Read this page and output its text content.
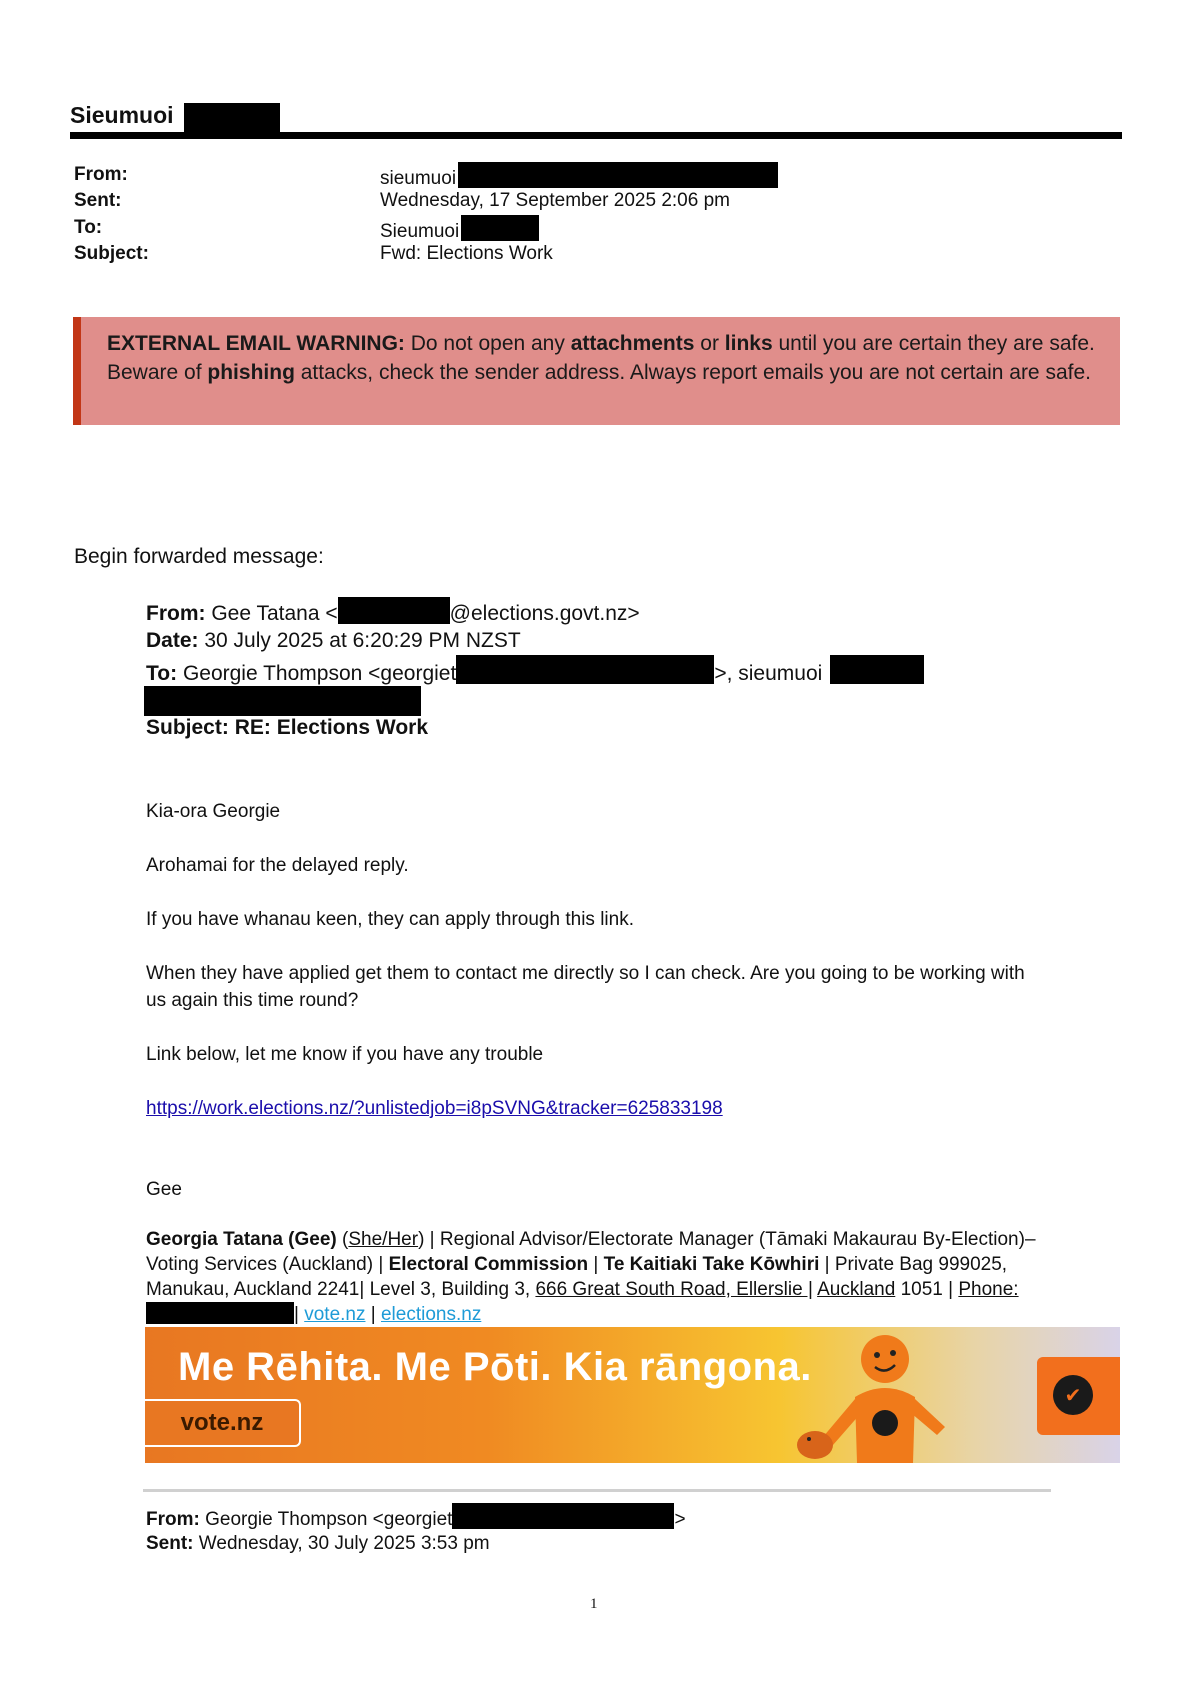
Sieumuoi
From:	sieumuoi
Sent:	Wednesday, 17 September 2025 2:06 pm
To:	Sieumuoi
Subject:	Fwd: Elections Work
EXTERNAL EMAIL WARNING: Do not open any attachments or links until you are certain they are safe. Beware of phishing attacks, check the sender address. Always report emails you are not certain are safe.
Begin forwarded message:
From: Gee Tatana <	@elections.govt.nz>
Date: 30 July 2025 at 6:20:29 PM NZST
To: Georgie Thompson <georgiet	>, sieumuoi
Subject: RE: Elections Work
Kia-ora Georgie
Arohamai for the delayed reply.
If you have whanau keen, they can apply through this link.
When they have applied get them to contact me directly so I can check. Are you going to be working with us again this time round?
Link below, let me know if you have any trouble
https://work.elections.nz/?unlistedjob=i8pSVNG&tracker=625833198
Gee
Georgia Tatana (Gee) (She/Her) | Regional Advisor/Electorate Manager (Tāmaki Makaurau By-Election)– Voting Services (Auckland) | Electoral Commission | Te Kaitiaki Take Kōwhiri | Private Bag 999025, Manukau, Auckland 2241| Level 3, Building 3, 666 Great South Road, Ellerslie | Auckland 1051 | Phone: | vote.nz | elections.nz
Me Rēhita. Me Pōti. Kia rāngona.
vote.nz
✔
From: Georgie Thompson <georgiet	>
Sent: Wednesday, 30 July 2025 3:53 pm
1
